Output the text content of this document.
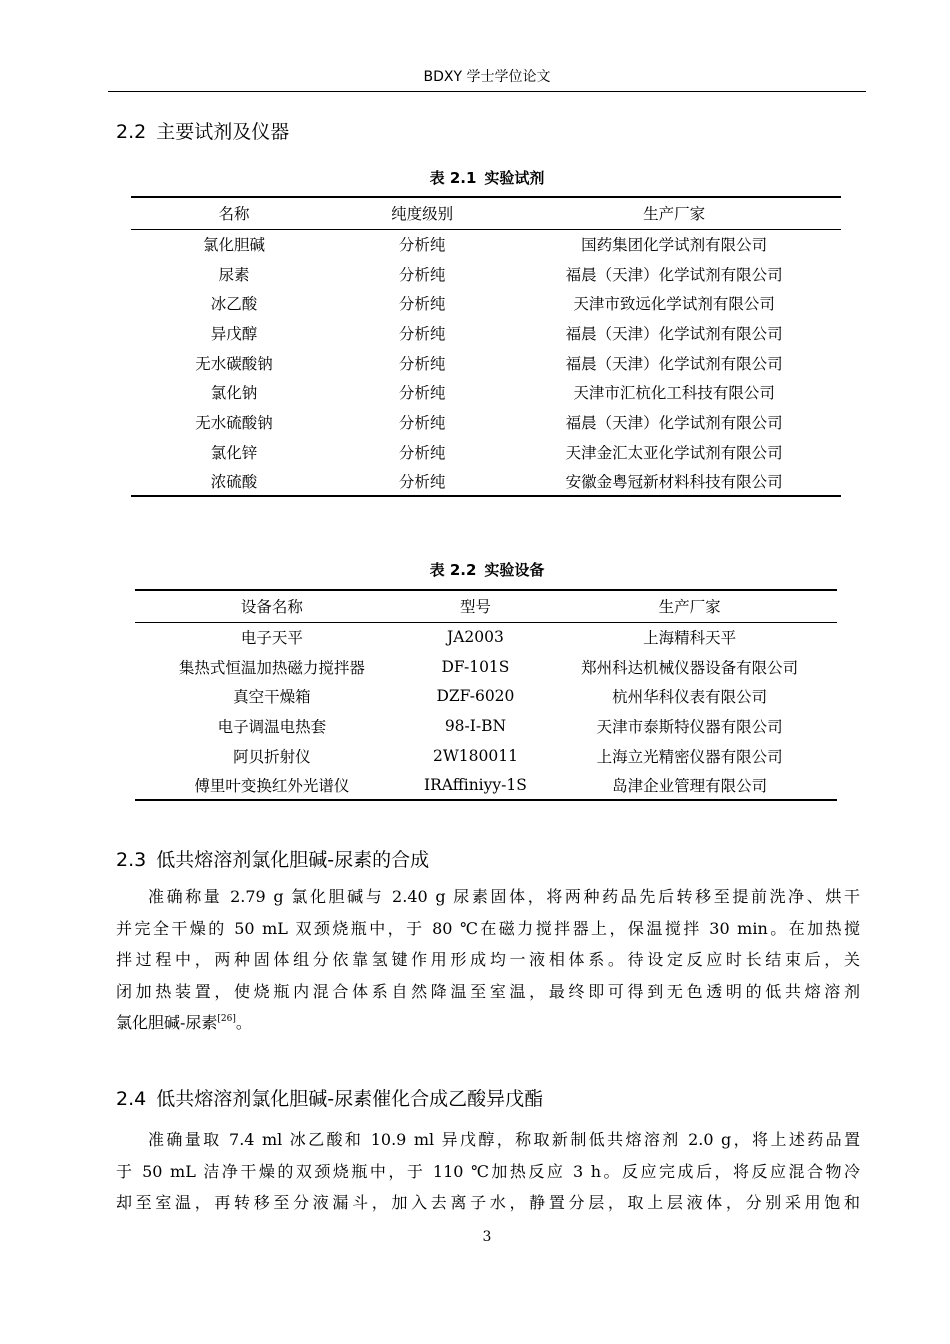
BDXY 学士学位论文
2.2 主要试剂及仪器
表 2.1 实验试剂
名称	纯度级别	生产厂家
氯化胆碱	分析纯	国药集团化学试剂有限公司
尿素	分析纯	福晨（天津）化学试剂有限公司
冰乙酸	分析纯	天津市致远化学试剂有限公司
异戊醇	分析纯	福晨（天津）化学试剂有限公司
无水碳酸钠	分析纯	福晨（天津）化学试剂有限公司
氯化钠	分析纯	天津市汇杭化工科技有限公司
无水硫酸钠	分析纯	福晨（天津）化学试剂有限公司
氯化锌	分析纯	天津金汇太亚化学试剂有限公司
浓硫酸	分析纯	安徽金粤冠新材料科技有限公司
表 2.2 实验设备
设备名称	型号	生产厂家
电子天平	JA2003	上海精科天平
集热式恒温加热磁力搅拌器	DF-101S	郑州科达机械仪器设备有限公司
真空干燥箱	DZF-6020	杭州华科仪表有限公司
电子调温电热套	98-I-BN	天津市泰斯特仪器有限公司
阿贝折射仪	2W180011	上海立光精密仪器有限公司
傅里叶变换红外光谱仪	IRAffiniyy-1S	岛津企业管理有限公司
2.3 低共熔溶剂氯化胆碱-尿素的合成
准确称量 2.79 g 氯化胆碱与 2.40 g 尿素固体，将两种药品先后转移至提前洗净、烘干
并完全干燥的 50 mL 双颈烧瓶中，于 80 ℃在磁力搅拌器上，保温搅拌 30 min。在加热搅
拌过程中，两种固体组分依靠氢键作用形成均一液相体系。待设定反应时长结束后，关
闭加热装置，使烧瓶内混合体系自然降温至室温，最终即可得到无色透明的低共熔溶剂
氯化胆碱-尿素[26]。
2.4 低共熔溶剂氯化胆碱-尿素催化合成乙酸异戊酯
准确量取 7.4 ml 冰乙酸和 10.9 ml 异戊醇，称取新制低共熔溶剂 2.0 g，将上述药品置
于 50 mL 洁净干燥的双颈烧瓶中，于 110 ℃加热反应 3 h。反应完成后，将反应混合物冷
却至室温，再转移至分液漏斗，加入去离子水，静置分层，取上层液体，分别采用饱和
3
